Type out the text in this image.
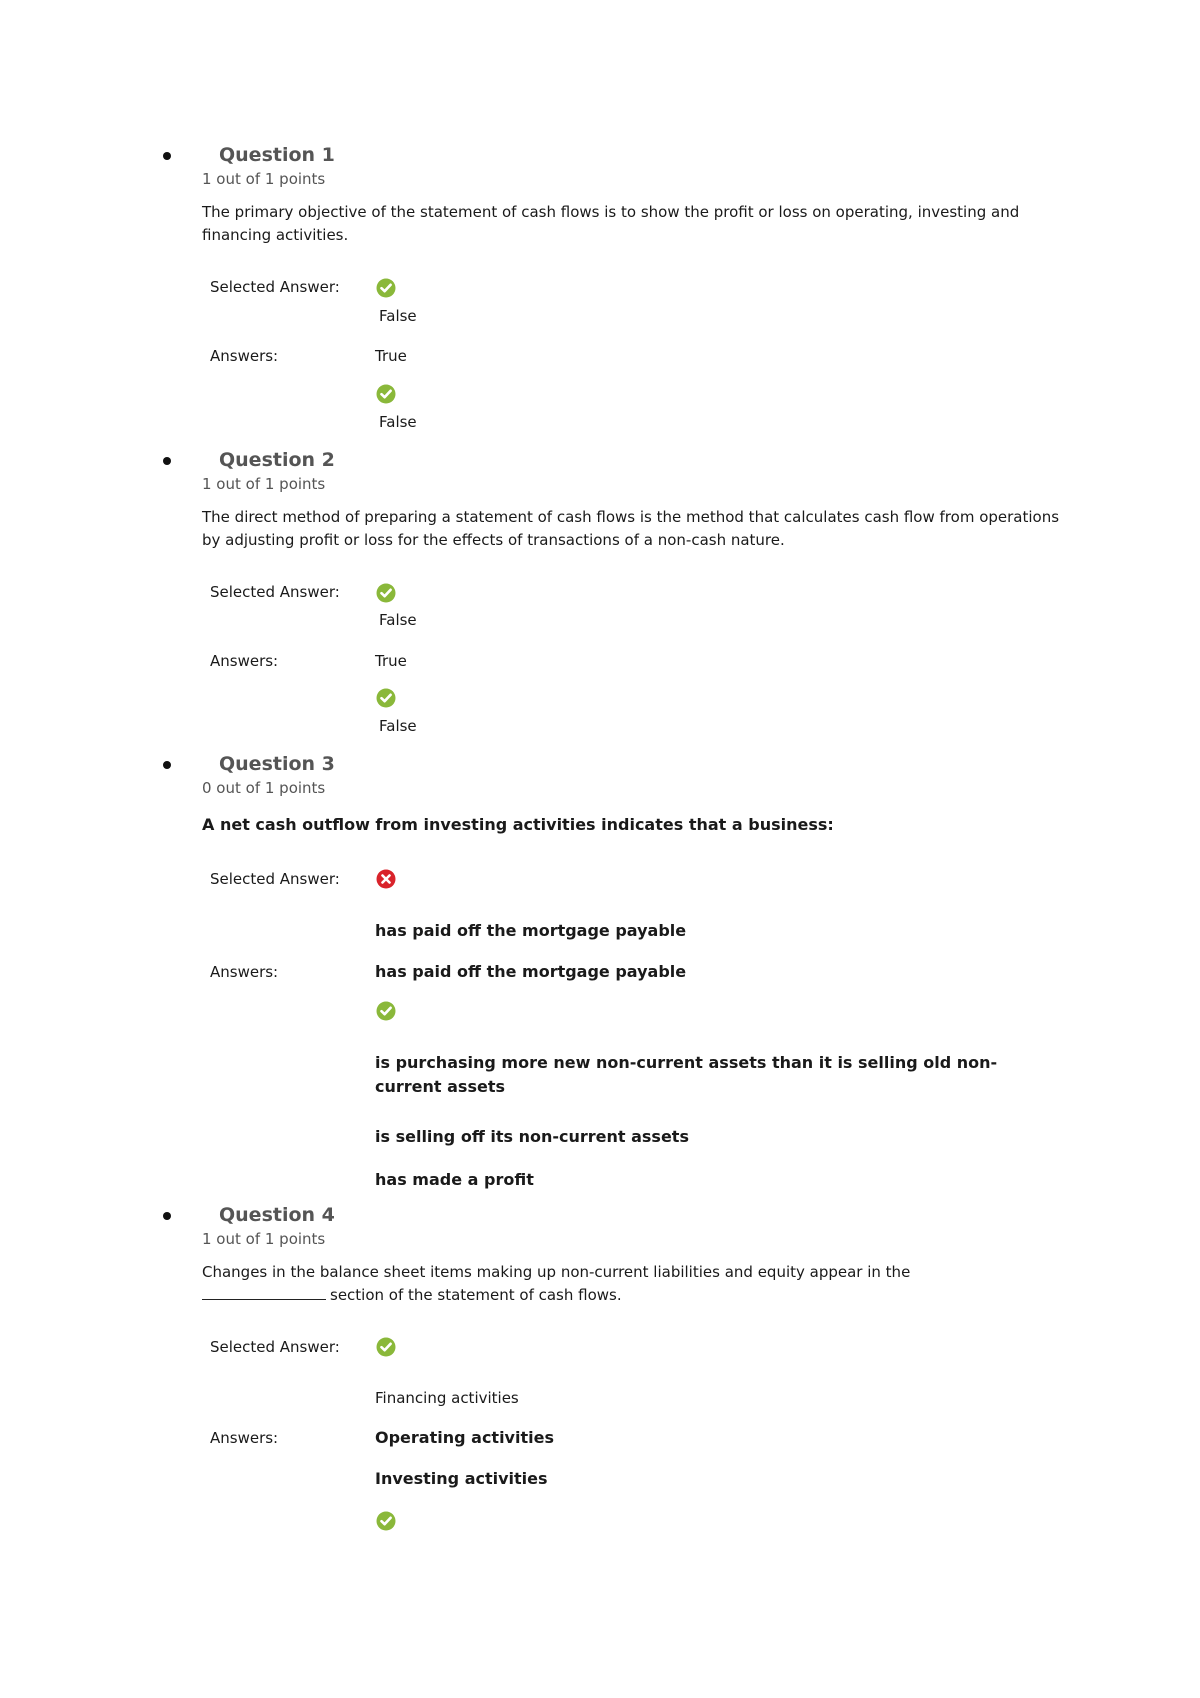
Question 1
1 out of 1 points
The primary objective of the statement of cash flows is to show the profit or loss on operating, investing and financing activities.
Selected Answer:
False
Answers:	True
False
Question 2
1 out of 1 points
The direct method of preparing a statement of cash flows is the method that calculates cash flow from operations by adjusting profit or loss for the effects of transactions of a non-cash nature.
Selected Answer:
False
Answers:	True
False
Question 3
0 out of 1 points
A net cash outflow from investing activities indicates that a business:
Selected Answer:
has paid off the mortgage payable
Answers:	has paid off the mortgage payable
is purchasing more new non-current assets than it is selling old non-current assets
is selling off its non-current assets
has made a profit
Question 4
1 out of 1 points
Changes in the balance sheet items making up non-current liabilities and equity appear in the
section of the statement of cash flows.
Selected Answer:
Financing activities
Answers:	Operating activities
Investing activities
